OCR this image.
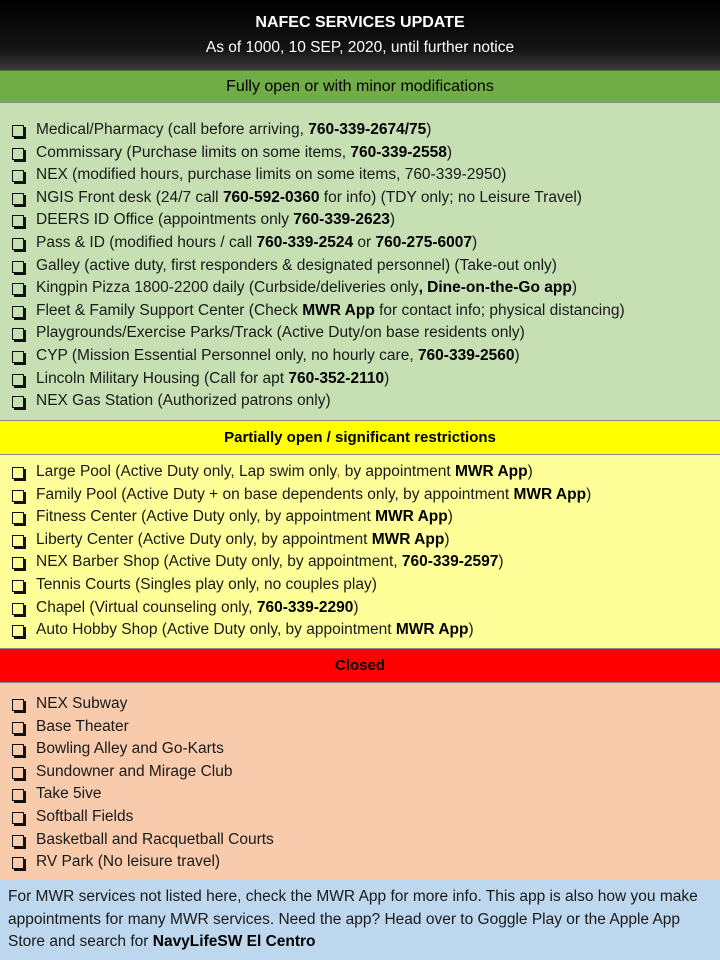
NAFEC SERVICES UPDATE
As of 1000, 10 SEP, 2020, until further notice
Fully open or with minor modifications
Medical/Pharmacy (call before arriving, 760-339-2674/75)
Commissary (Purchase limits on some items, 760-339-2558)
NEX (modified hours, purchase limits on some items, 760-339-2950)
NGIS Front desk (24/7 call 760-592-0360 for info) (TDY only; no Leisure Travel)
DEERS ID Office (appointments only 760-339-2623)
Pass & ID (modified hours / call 760-339-2524 or 760-275-6007)
Galley (active duty, first responders & designated personnel) (Take-out only)
Kingpin Pizza 1800-2200 daily (Curbside/deliveries only, Dine-on-the-Go app)
Fleet & Family Support Center (Check MWR App for contact info; physical distancing)
Playgrounds/Exercise Parks/Track (Active Duty/on base residents only)
CYP (Mission Essential Personnel only, no hourly care, 760-339-2560)
Lincoln Military Housing (Call for apt 760-352-2110)
NEX Gas Station (Authorized patrons only)
Partially open / significant restrictions
Large Pool (Active Duty only, Lap swim only, by appointment MWR App)
Family Pool (Active Duty + on base dependents only, by appointment MWR App)
Fitness Center (Active Duty only, by appointment MWR App)
Liberty Center (Active Duty only, by appointment MWR App)
NEX Barber Shop (Active Duty only, by appointment, 760-339-2597)
Tennis Courts (Singles play only, no couples play)
Chapel (Virtual counseling only, 760-339-2290)
Auto Hobby Shop (Active Duty only, by appointment MWR App)
Closed
NEX Subway
Base Theater
Bowling Alley and Go-Karts
Sundowner and Mirage Club
Take 5ive
Softball Fields
Basketball and Racquetball Courts
RV Park (No leisure travel)
For MWR services not listed here, check the MWR App for more info. This app is also how you make appointments for many MWR services. Need the app? Head over to Goggle Play or the Apple App Store and search for NavyLifeSW El Centro
